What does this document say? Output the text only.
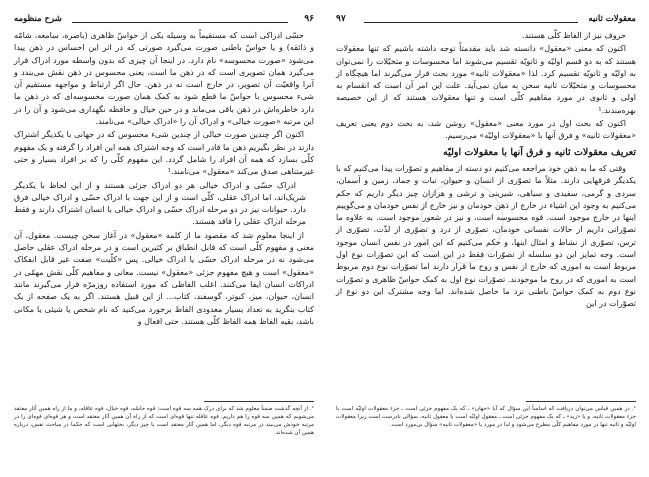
معقولات ثانیه
۹۷

حروف نیز از الفاظ کلّی هستند.

اکنون که معنی «معقول» دانسته شد باید مقدمتاً توجه داشته باشیم که تنها معقولات هستند که به دو قسم اولیّه و ثانویّه تقسیم می‌شوند اما محسوسات و متخیّلات را نمی‌توان به اولیّه و ثانویّه تقسیم کرد. لذا «معقولات ثانیه» مورد بحث قرار می‌گیرند اما هیچگاه از محسوسات و متخیّلات ثانیه سخن به میان نمی‌آید. علت این امر آن است که انقسام به اولی و ثانوی در مورد مفاهیم کلّی است و تنها معقولات هستند که از این خصیصه بهره‌مندند.¹

اکنون که بحث اول در مورد معنی «معقول» روشن شد، به بحث دوم یعنی تعریف «معقولات ثانیه» و فرق آنها با «معقولات اولیّه» می‌رسیم.

تعریف معقولات ثانیه و فرق آنها با معقولات اولیّه

وقتی که ما به ذهن خود مراجعه می‌کنیم دو دسته از مفاهیم و تصوّرات پیدا می‌کنیم که با یکدیگر فرقهایی دارند. مثلاً ما تصوّری از انسان و حیوان، نبات و جماد، زمین و آسمان، سردی و گرمی، سفیدی و سیاهی، شیرینی و ترشی و هزاران چیز دیگر داریم که حکم می‌کنیم به وجود این اشیاء در خارج از ذهن خودمان و نیز خارج از نفس خودمان و می‌گوییم اینها در خارج موجود است. قوه محسوسه است، و نیز در شعور موجود است. به علاوه ما تصوّراتی داریم از حالات نفسانی خودمان، تصوّری از درد و تصوّری از لذّت، تصوّری از ترس، تصوّری از نشاط و امثال اینها، و حکم می‌کنیم که این امور در نفس انسان موجود است. وجه تمایز این دو سلسله از تصوّرات فقط در این است که این تصوّرات نوع اول مربوط است به اموری که خارج از نفس و روح ما قرار دارند اما تصوّرات نوع دوم مربوط است به اموری که در روح ما موجودند. تصوّرات نوع اول به کمک حواسّ ظاهری و تصوّرات نوع دوم به کمک حواسّ باطنی نزد ما حاصل شده‌اند. اما وجه مشترک این دو نوع از تصوّرات در این

¹. در همین قیاس می‌توان دریافت که اساساً این سؤال که آیا «جهان» ـ که یک مفهوم جزئی است ـ جزء معقولات اولیّه است یا جزء معقولات ثانیه، و یا «زید» ـ که یک مفهوم جزئی است ـ معقول اولیّه است یا معقول ثانیه، سؤالی نادرست است زیرا معقولات اولیّه و ثانیه تنها در مورد مفاهیم کلّی مطرح می‌شود و لذا در مورد یا «معقولات ثانیه» سؤال بی‌مورد است.
۹۶
شرح منظومه

حسّی ادراکی است که مستقیماً به وسیله یکی از حواسّ ظاهری (باصره، سامعه، شامّه و ذائقه) و یا حواسّ باطنی صورت می‌گیرد صورتی که در اثر این احساس در ذهن پیدا می‌شود «صورت محسوسه» نام دارد. در اینجا آن چیزی که بدون واسطه مورد ادراک قرار می‌گیرد همان تصویری است که در ذهن ما است، یعنی محسوس در ذهن نقش می‌بندد و آنرا واقعیّت آن تصویر، در خارج است نه در ذهن. حال اگر ارتباط و مواجهه مستقیم آن شیء محسوس با حواسّ ما قطع شود به کمک همان صورت محسوسه‌ای که در ذهن ما دارد خاطره‌اش در ذهن باقی می‌ماند و در حین خیال و حافظه نگهداری می‌شود و آن را در این مرتبه «صورت خیالی» و ادراک آن را «ادراک خیالی» می‌نامند.

اکنون اگر چندین صورت خیالی از چندین شیء محسوس که در جهانی با یکدیگر اشتراک دارند در نظر بگیریم ذهن ما قادر است که وجه اشتراک همه این افراد را گرفته و یک مفهوم کلّی بسازد که همه آن افراد را شامل گردد. این مفهوم کلّی را که بر افراد بسیار و حتی غیرمتناهی صدق می‌کند «معقول» می‌نامند.¹

ادراک حسّی و ادراک خیالی هر دو ادراک جزئی هستند و از این لحاظ با یکدیگر شریک‌اند، اما ادراک عقلی، کلّی است و از این جهت با ادراک حسّی و ادراک خیالی فرق دارد. حیوانات نیز در دو مرحله ادراک حسّی و ادراک خیالی با انسان اشتراک دارند و فقط مرحله ادراک عقلی را فاقد هستند.

از اینجا معلوم شد که مقصود ما از کلمه «معقول» در آغاز سخن چیست. معقول، آن معنی و مفهوم کلّی است که قابل انطباق بر کثیرین است و در مرحله ادراک عقلی حاصل می‌شود نه در مرحله ادراک حسّی یا ادراک خیالی. پس «کلّیت» صفت غیر قابل انفکاک «معقول» است و هیچ مفهوم جزئی «معقول» نیست. معانی و مفاهیم کلّی نقش مهمّی در ادراکات انسان ایفا می‌کنند. اغلب الفاظی که مورد استفاده روزمرّه قرار می‌گیرند مانند انسان، حیوان، میز، کبوتر، گوسفند، کتاب... از این قبیل هستند. اگر به یک صفحه از یک کتاب بنگرید به تعداد بسیار معدودی الفاظ برخورد می‌کنید که نام شخص یا شیئی یا مکانی باشد، بقیه الفاظ همه الفاظ کلّی هستند. حتی افعال و

¹. از آنچه گذشت ضمناً معلوم شد که برای درک همه سه قوه است: قوه حاسّه، قوه خیال، قوه عاقله، و ما از راه همین آثار معتقد می‌شویم که همین سه قوه را هم داریم. قوه عاقله تنها قوه‌ای است که از راه آن همین آثار معتقد است و هر قوه‌ای قوه‌ای را در مرتبه خودش می‌بیند در مرتبه قوه دیگر، اما همین آثار معتقد است یا چیز دیگر، بحثهایی است که حکما در مباحث نفس، درباره همین آن شده‌اند.
